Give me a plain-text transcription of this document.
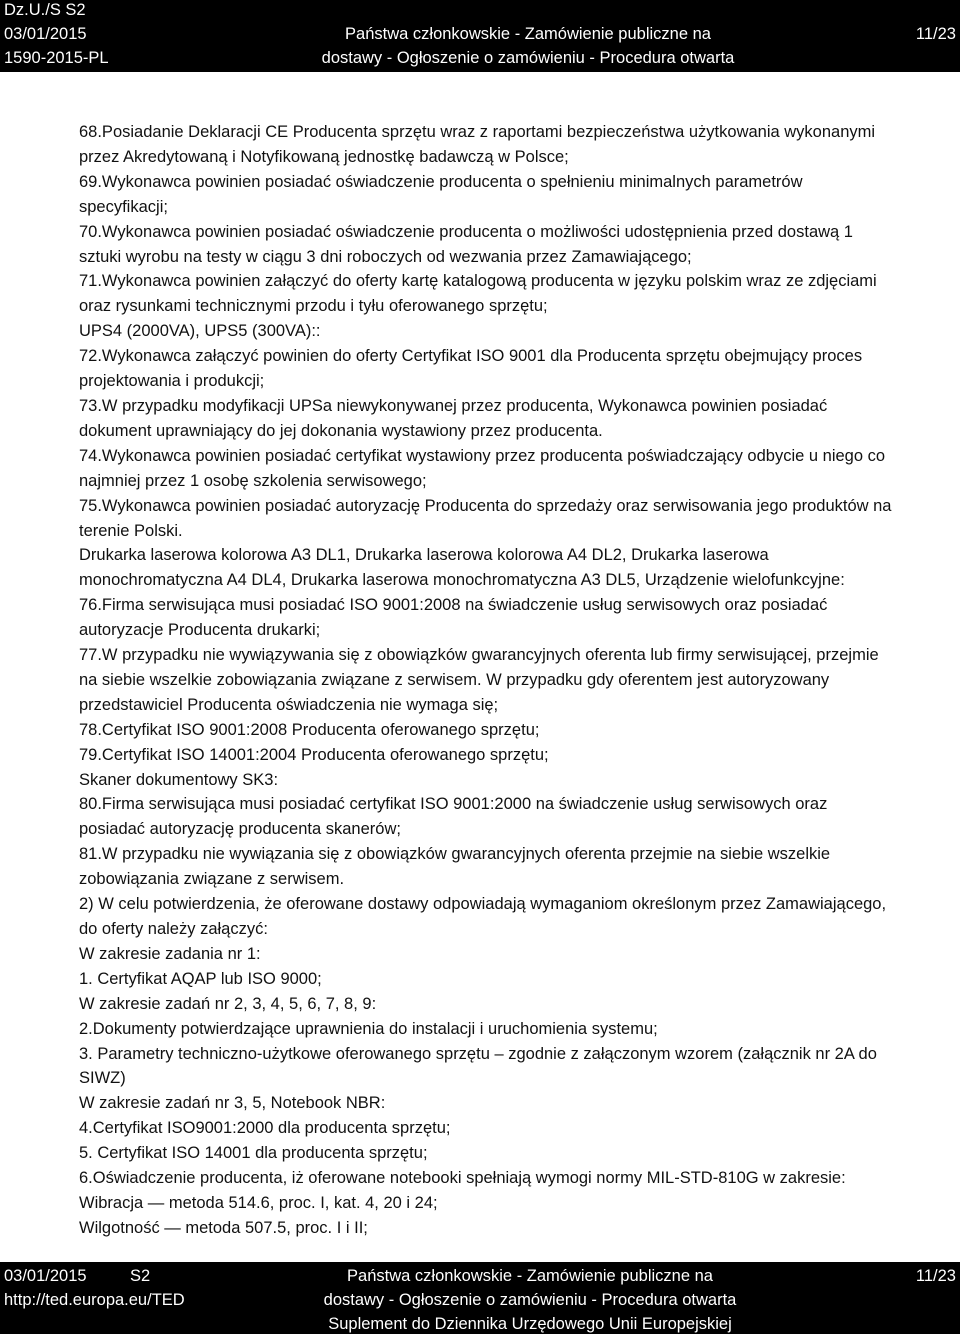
Dz.U./S S2
03/01/2015
1590-2015-PL
Państwa członkowskie - Zamówienie publiczne na
dostawy - Ogłoszenie o zamówieniu - Procedura otwarta
11/23
68.Posiadanie Deklaracji CE Producenta sprzętu wraz z raportami bezpieczeństwa użytkowania wykonanymi
przez Akredytowaną i Notyfikowaną jednostkę badawczą w Polsce;
69.Wykonawca powinien posiadać oświadczenie producenta o spełnieniu minimalnych parametrów
specyfikacji;
70.Wykonawca powinien posiadać oświadczenie producenta o możliwości udostępnienia przed dostawą 1
sztuki wyrobu na testy w ciągu 3 dni roboczych od wezwania przez Zamawiającego;
71.Wykonawca powinien załączyć do oferty kartę katalogową producenta w języku polskim wraz ze zdjęciami
oraz rysunkami technicznymi przodu i tyłu oferowanego sprzętu;
UPS4 (2000VA), UPS5 (300VA)::
72.Wykonawca załączyć powinien do oferty Certyfikat ISO 9001 dla Producenta sprzętu obejmujący proces
projektowania i produkcji;
73.W przypadku modyfikacji UPSa niewykonywanej przez producenta, Wykonawca powinien posiadać
dokument uprawniający do jej dokonania wystawiony przez producenta.
74.Wykonawca powinien posiadać certyfikat wystawiony przez producenta poświadczający odbycie u niego co
najmniej przez 1 osobę szkolenia serwisowego;
75.Wykonawca powinien posiadać autoryzację Producenta do sprzedaży oraz serwisowania jego produktów na
terenie Polski.
Drukarka laserowa kolorowa A3 DL1, Drukarka laserowa kolorowa A4 DL2, Drukarka laserowa
monochromatyczna A4 DL4, Drukarka laserowa monochromatyczna A3 DL5, Urządzenie wielofunkcyjne:
76.Firma serwisująca musi posiadać ISO 9001:2008 na świadczenie usług serwisowych oraz posiadać
autoryzacje Producenta drukarki;
77.W przypadku nie wywiązywania się z obowiązków gwarancyjnych oferenta lub firmy serwisującej, przejmie
na siebie wszelkie zobowiązania związane z serwisem. W przypadku gdy oferentem jest autoryzowany
przedstawiciel Producenta oświadczenia nie wymaga się;
78.Certyfikat ISO 9001:2008 Producenta oferowanego sprzętu;
79.Certyfikat ISO 14001:2004 Producenta oferowanego sprzętu;
Skaner dokumentowy SK3:
80.Firma serwisująca musi posiadać certyfikat ISO 9001:2000 na świadczenie usług serwisowych oraz
posiadać autoryzację producenta skanerów;
81.W przypadku nie wywiązania się z obowiązków gwarancyjnych oferenta przejmie na siebie wszelkie
zobowiązania związane z serwisem.
2) W celu potwierdzenia, że oferowane dostawy odpowiadają wymaganiom określonym przez Zamawiającego,
do oferty należy załączyć:
W zakresie zadania nr 1:
1. Certyfikat AQAP lub ISO 9000;
W zakresie zadań nr 2, 3, 4, 5, 6, 7, 8, 9:
2.Dokumenty potwierdzające uprawnienia do instalacji i uruchomienia systemu;
3. Parametry techniczno-użytkowe oferowanego sprzętu – zgodnie z załączonym wzorem (załącznik nr 2A do
SIWZ)
W zakresie zadań nr 3, 5, Notebook NBR:
4.Certyfikat ISO9001:2000 dla producenta sprzętu;
5. Certyfikat ISO 14001 dla producenta sprzętu;
6.Oświadczenie producenta, iż oferowane notebooki spełniają wymogi normy MIL-STD-810G w zakresie:
Wibracja — metoda 514.6, proc. I, kat. 4, 20 i 24;
Wilgotność — metoda 507.5, proc. I i II;
03/01/2015	S2
http://ted.europa.eu/TED
Państwa członkowskie - Zamówienie publiczne na
dostawy - Ogłoszenie o zamówieniu - Procedura otwarta
Suplement do Dziennika Urzędowego Unii Europejskiej
11/23
